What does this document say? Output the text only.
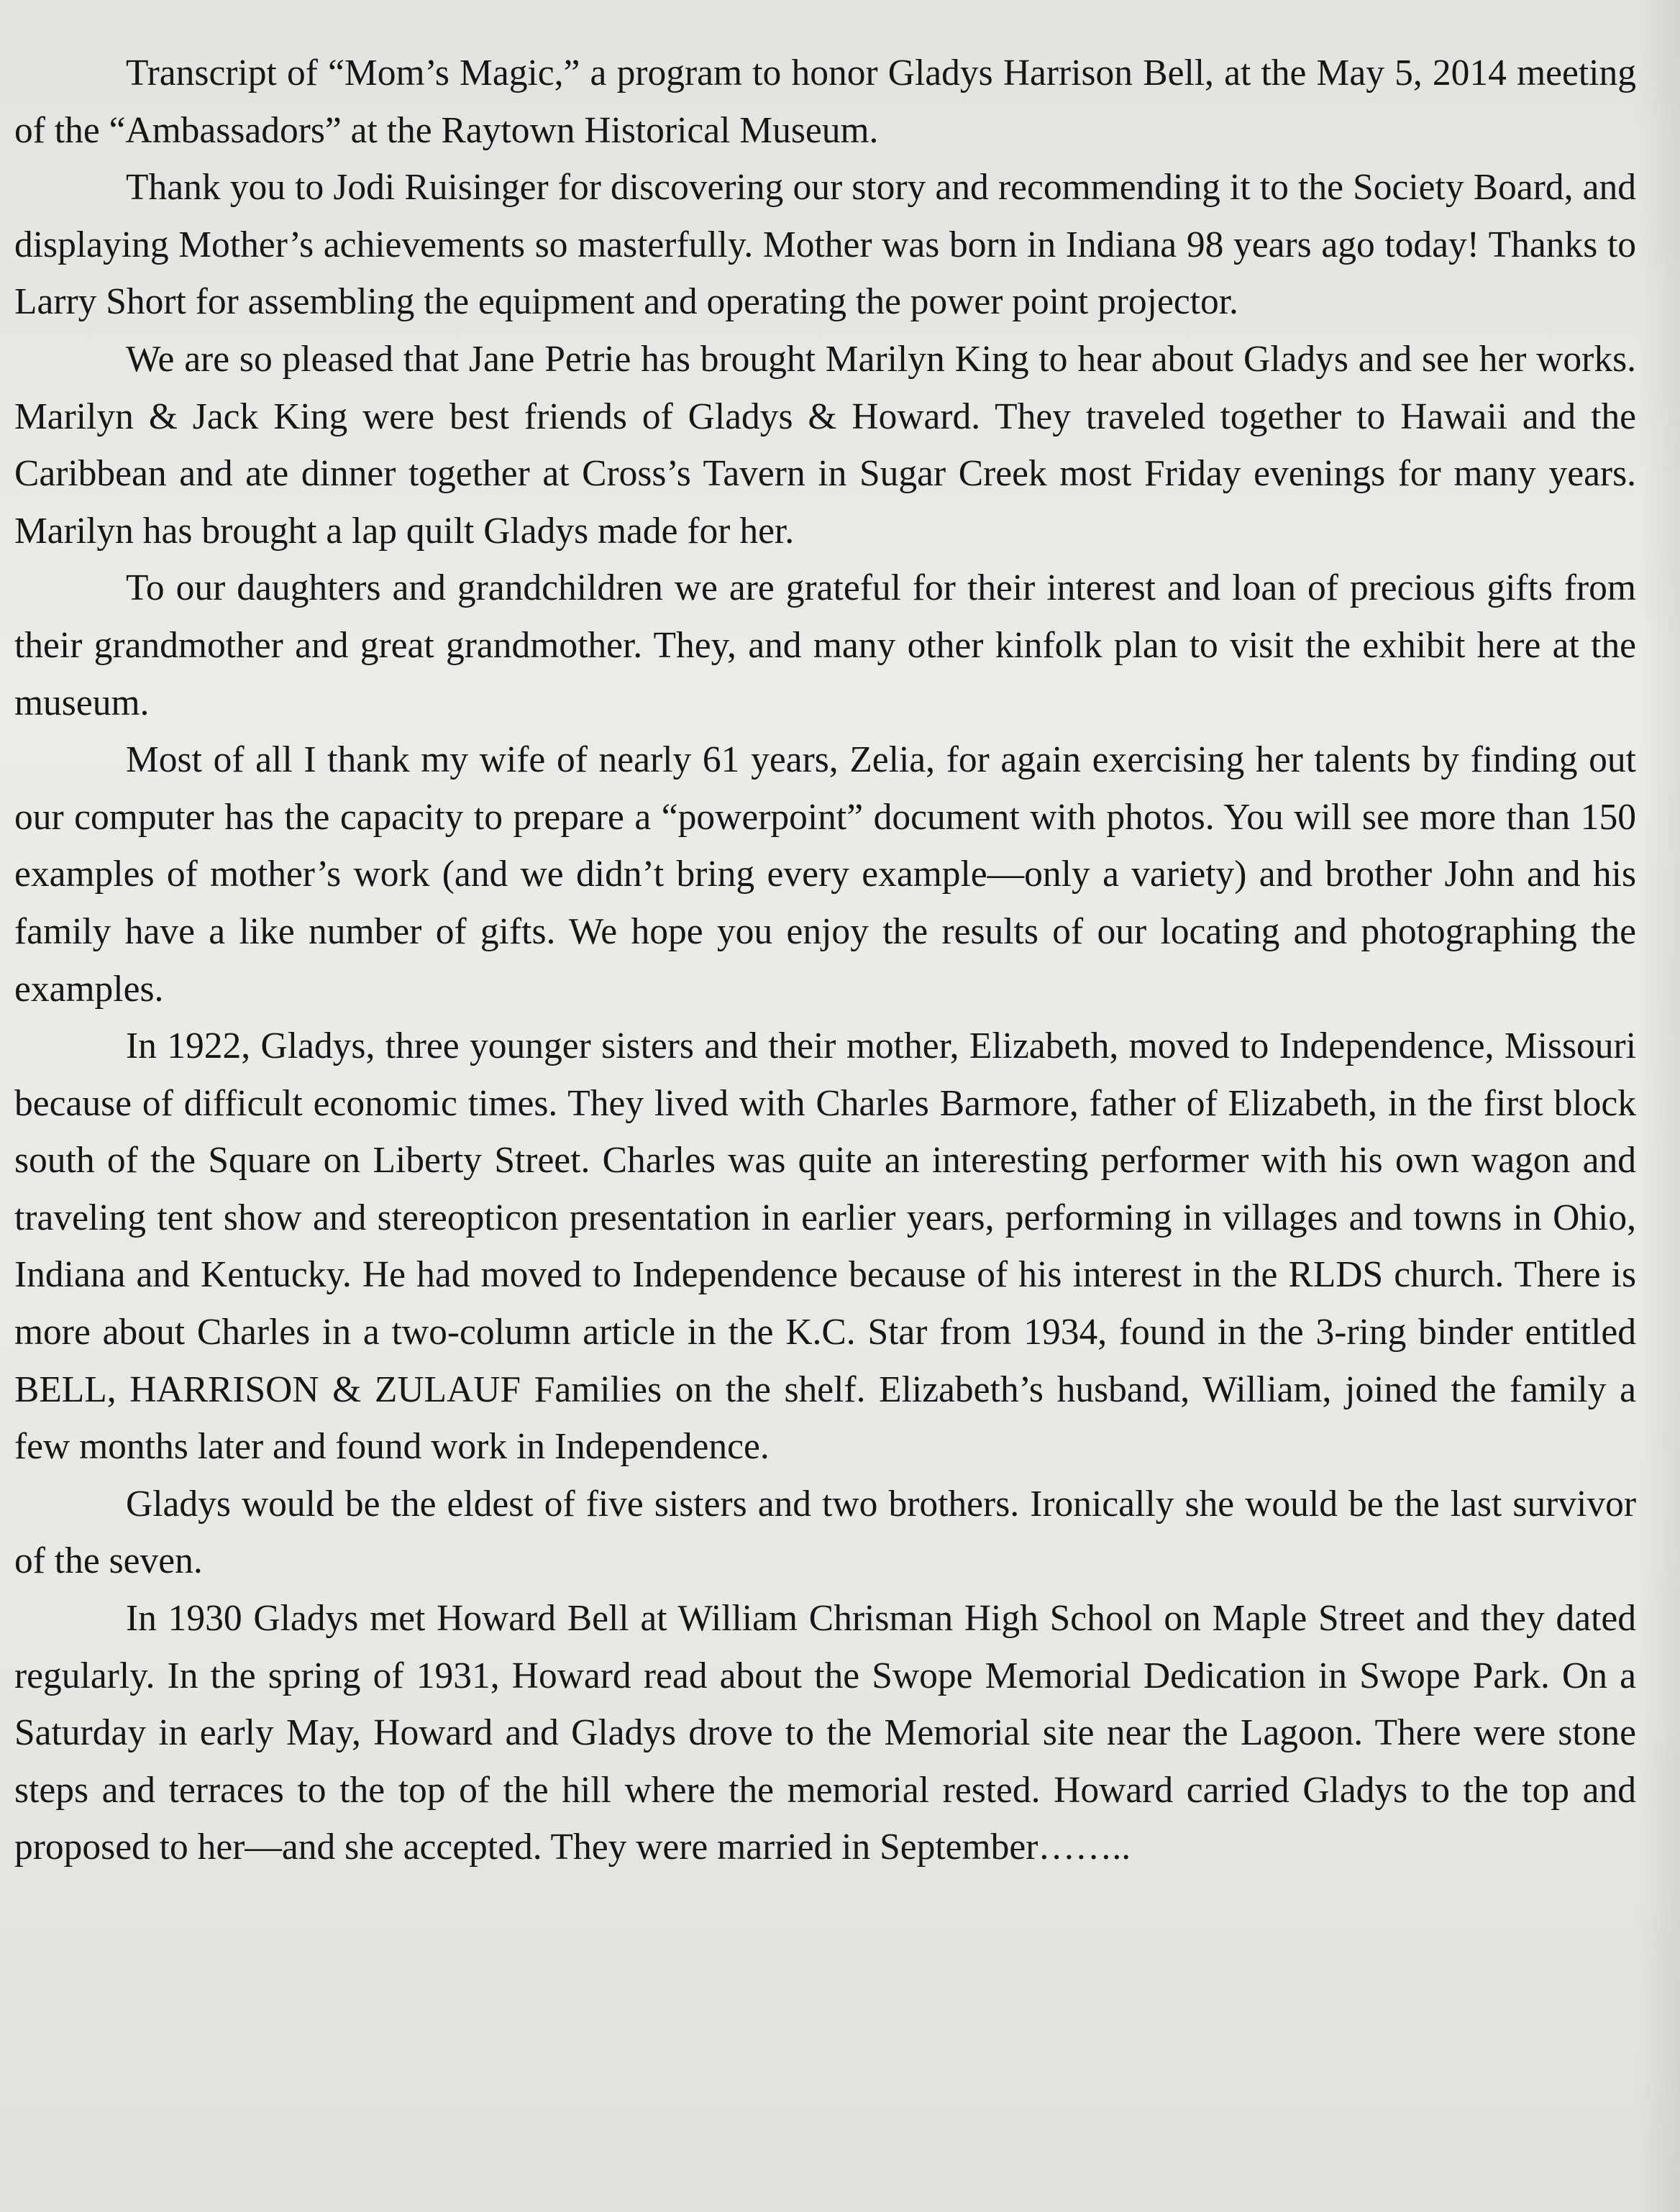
Transcript of “Mom’s Magic,” a program to honor Gladys Harrison Bell, at the May 5, 2014 meeting of the “Ambassadors” at the Raytown Historical Museum.

Thank you to Jodi Ruisinger for discovering our story and recommending it to the Society Board, and displaying Mother’s achievements so masterfully. Mother was born in Indiana 98 years ago today! Thanks to Larry Short for assembling the equipment and operating the power point projector.

We are so pleased that Jane Petrie has brought Marilyn King to hear about Gladys and see her works. Marilyn & Jack King were best friends of Gladys & Howard. They traveled together to Hawaii and the Caribbean and ate dinner together at Cross’s Tavern in Sugar Creek most Friday evenings for many years. Marilyn has brought a lap quilt Gladys made for her.

To our daughters and grandchildren we are grateful for their interest and loan of precious gifts from their grandmother and great grandmother. They, and many other kinfolk plan to visit the exhibit here at the museum.

Most of all I thank my wife of nearly 61 years, Zelia, for again exercising her talents by finding out our computer has the capacity to prepare a “powerpoint” document with photos. You will see more than 150 examples of mother’s work (and we didn’t bring every example—only a variety) and brother John and his family have a like number of gifts. We hope you enjoy the results of our locating and photographing the examples.

In 1922, Gladys, three younger sisters and their mother, Elizabeth, moved to Independence, Missouri because of difficult economic times. They lived with Charles Barmore, father of Elizabeth, in the first block south of the Square on Liberty Street. Charles was quite an interesting performer with his own wagon and traveling tent show and stereopticon presentation in earlier years, performing in villages and towns in Ohio, Indiana and Kentucky. He had moved to Independence because of his interest in the RLDS church. There is more about Charles in a two-column article in the K.C. Star from 1934, found in the 3-ring binder entitled BELL, HARRISON & ZULAUF Families on the shelf. Elizabeth’s husband, William, joined the family a few months later and found work in Independence.

Gladys would be the eldest of five sisters and two brothers. Ironically she would be the last survivor of the seven.

In 1930 Gladys met Howard Bell at William Chrisman High School on Maple Street and they dated regularly. In the spring of 1931, Howard read about the Swope Memorial Dedication in Swope Park. On a Saturday in early May, Howard and Gladys drove to the Memorial site near the Lagoon. There were stone steps and terraces to the top of the hill where the memorial rested. Howard carried Gladys to the top and proposed to her—and she accepted. They were married in September……..
